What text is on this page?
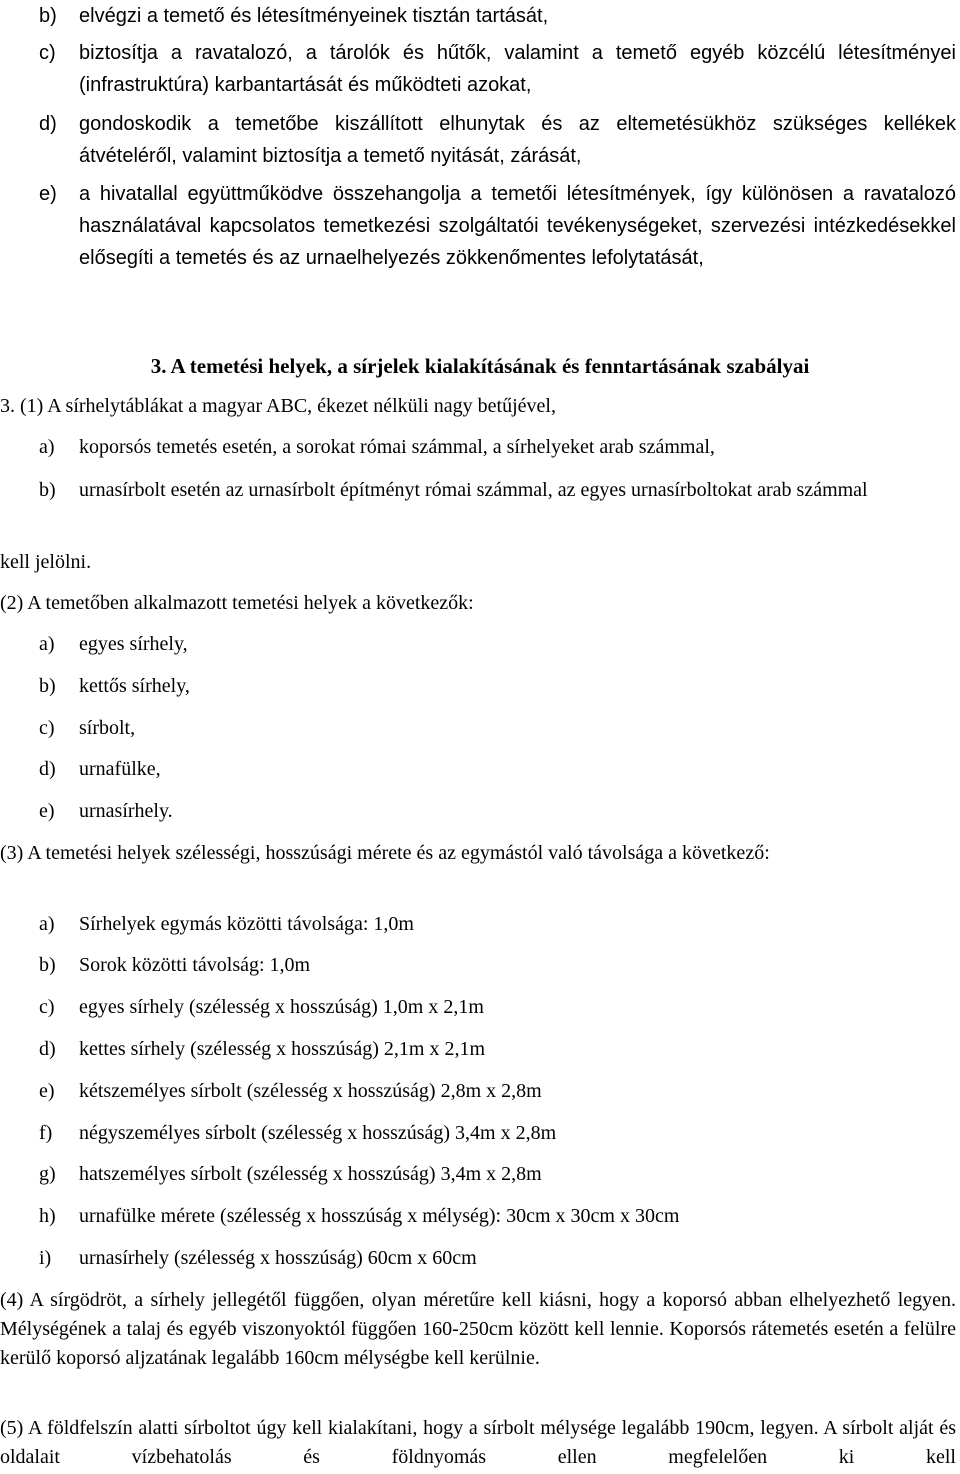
b) elvégzi a temető és létesítményeinek tisztán tartását,
c) biztosítja a ravatalozó, a tárolók és hűtők, valamint a temető egyéb közcélú létesítményei (infrastruktúra) karbantartását és működteti azokat,
d) gondoskodik a temetőbe kiszállított elhunytak és az eltemetésükhöz szükséges kellékek átvételéről, valamint biztosítja a temető nyitását, zárását,
e) a hivatallal együttműködve összehangolja a temetői létesítmények, így különösen a ravatalozó használatával kapcsolatos temetkezési szolgáltatói tevékenységeket, szervezési intézkedésekkel elősegíti a temetés és az urnaelhelyezés zökkenőmentes lefolytatását,
3. A temetési helyek, a sírjelek kialakításának és fenntartásának szabályai
3. (1) A sírhelytáblákat a magyar ABC, ékezet nélküli nagy betűjével,
a) koporsós temetés esetén, a sorokat római számmal, a sírhelyeket arab számmal,
b) urnasírbolt esetén az urnasírbolt építményt római számmal, az egyes urnasírboltokat arab számmal
kell jelölni.
(2) A temetőben alkalmazott temetési helyek a következők:
a) egyes sírhely,
b) kettős sírhely,
c) sírbolt,
d) urnafülke,
e) urnasírhely.
(3) A temetési helyek szélességi, hosszúsági mérete és az egymástól való távolsága a következő:
a) Sírhelyek egymás közötti távolsága: 1,0m
b) Sorok közötti távolság: 1,0m
c) egyes sírhely (szélesség x hosszúság) 1,0m x 2,1m
d) kettes sírhely (szélesség x hosszúság) 2,1m x 2,1m
e) kétszemélyes sírbolt (szélesség x hosszúság) 2,8m x 2,8m
f) négyszemélyes sírbolt (szélesség x hosszúság) 3,4m x 2,8m
g) hatszemélyes sírbolt (szélesség x hosszúság) 3,4m x 2,8m
h) urnafülke mérete (szélesség x hosszúság x mélység): 30cm x 30cm x 30cm
i) urnasírhely (szélesség x hosszúság) 60cm x 60cm
(4) A sírgödröt, a sírhely jellegétől függően, olyan méretűre kell kiásni, hogy a koporsó abban elhelyezhető legyen. Mélységének a talaj és egyéb viszonyoktól függően 160-250cm között kell lennie. Koporsós rátemetés esetén a felülre kerülő koporsó aljzatának legalább 160cm mélységbe kell kerülnie.
(5) A földfelszín alatti sírboltot úgy kell kialakítani, hogy a sírbolt mélysége legalább 190cm, legyen. A sírbolt alját és oldalait vízbehatolás és földnyomás ellen megfelelően ki kell
